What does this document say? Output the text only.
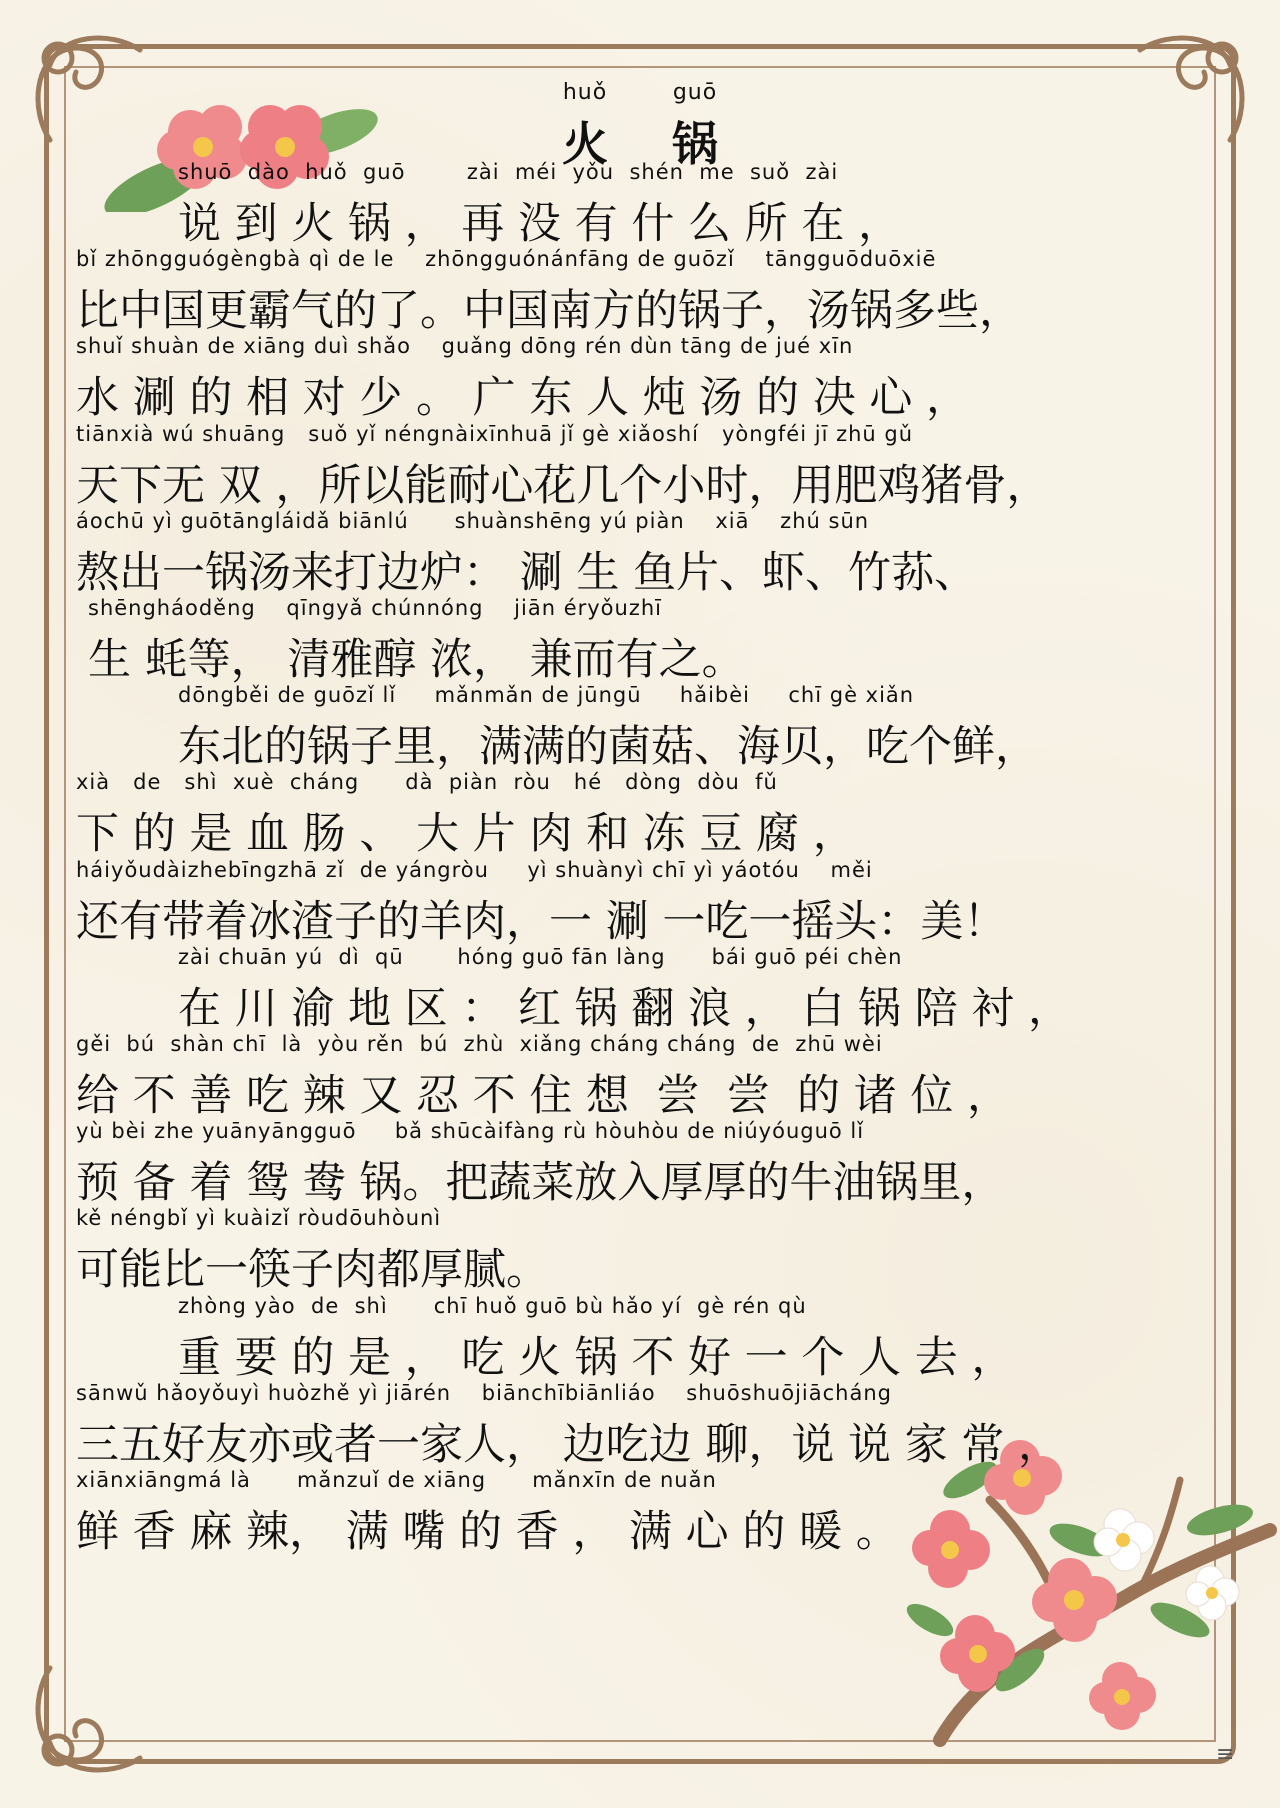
huǒ	guō
火 锅
shuō  dào  huǒ  guō        zài  méi  yǒu  shén  me  suǒ  zài
说 到 火 锅 ， 再 没 有 什 么 所 在 ，
bǐ zhōngguógèngbà qì de le    zhōngguónánfāng de guōzǐ    tāngguōduōxiē
比中国更霸气的了。中国南方的锅子，汤锅多些，
shuǐ shuàn de xiāng duì shǎo    guǎng dōng rén dùn tāng de jué xīn
水 涮 的 相 对 少 。 广 东 人 炖 汤 的 决 心 ，
tiānxià wú shuāng   suǒ yǐ néngnàixīnhuā jǐ gè xiǎoshí   yòngféi jī zhū gǔ
天下无 双 ，所以能耐心花几个小时，用肥鸡猪骨，
áochū yì guōtāngláidǎ biānlú      shuànshēng yú piàn    xiā    zhú sūn
熬出一锅汤来打边炉： 涮 生 鱼片、虾、竹荪、
shēngháoděng    qīngyǎ chúnnóng    jiān éryǒuzhī
生 蚝等， 清雅醇 浓， 兼而有之。
dōngběi de guōzǐ lǐ     mǎnmǎn de jūngū     hǎibèi     chī gè xiǎn
东北的锅子里，满满的菌菇、海贝，吃个鲜，
xià   de   shì  xuè  cháng      dà  piàn  ròu   hé   dòng  dòu  fǔ
下 的 是 血 肠 、 大 片 肉 和 冻 豆 腐 ，
háiyǒudàizhebīngzhā zǐ  de yángròu     yì shuànyì chī yì yáotóu    měi
还有带着冰渣子的羊肉，一 涮 一吃一摇头：美！
zài chuān yú  dì  qū       hóng guō fān làng      bái guō péi chèn
在 川 渝 地 区 ： 红 锅 翻 浪 ， 白 锅 陪 衬 ，
gěi  bú  shàn chī  là  yòu rěn  bú  zhù  xiǎng cháng cháng  de  zhū wèi
给 不 善 吃 辣 又 忍 不 住 想  尝  尝  的 诸 位 ，
yù bèi zhe yuānyāngguō     bǎ shūcàifàng rù hòuhòu de niúyóuguō lǐ
预 备 着 鸳 鸯 锅。把蔬菜放入厚厚的牛油锅里，
kě néngbǐ yì kuàizǐ ròudōuhòunì
可能比一筷子肉都厚腻。
zhòng yào  de  shì      chī huǒ guō bù hǎo yí  gè rén qù
重 要 的 是 ， 吃 火 锅 不 好 一 个 人 去 ，
sānwǔ hǎoyǒuyì huòzhě yì jiārén    biānchībiānliáo    shuōshuōjiācháng
三五好友亦或者一家人， 边吃边 聊，说 说 家 常 ，
xiānxiāngmá là      mǎnzuǐ de xiāng      mǎnxīn de nuǎn
鲜 香 麻 辣， 满 嘴 的 香 ， 满 心 的 暖 。
≡
